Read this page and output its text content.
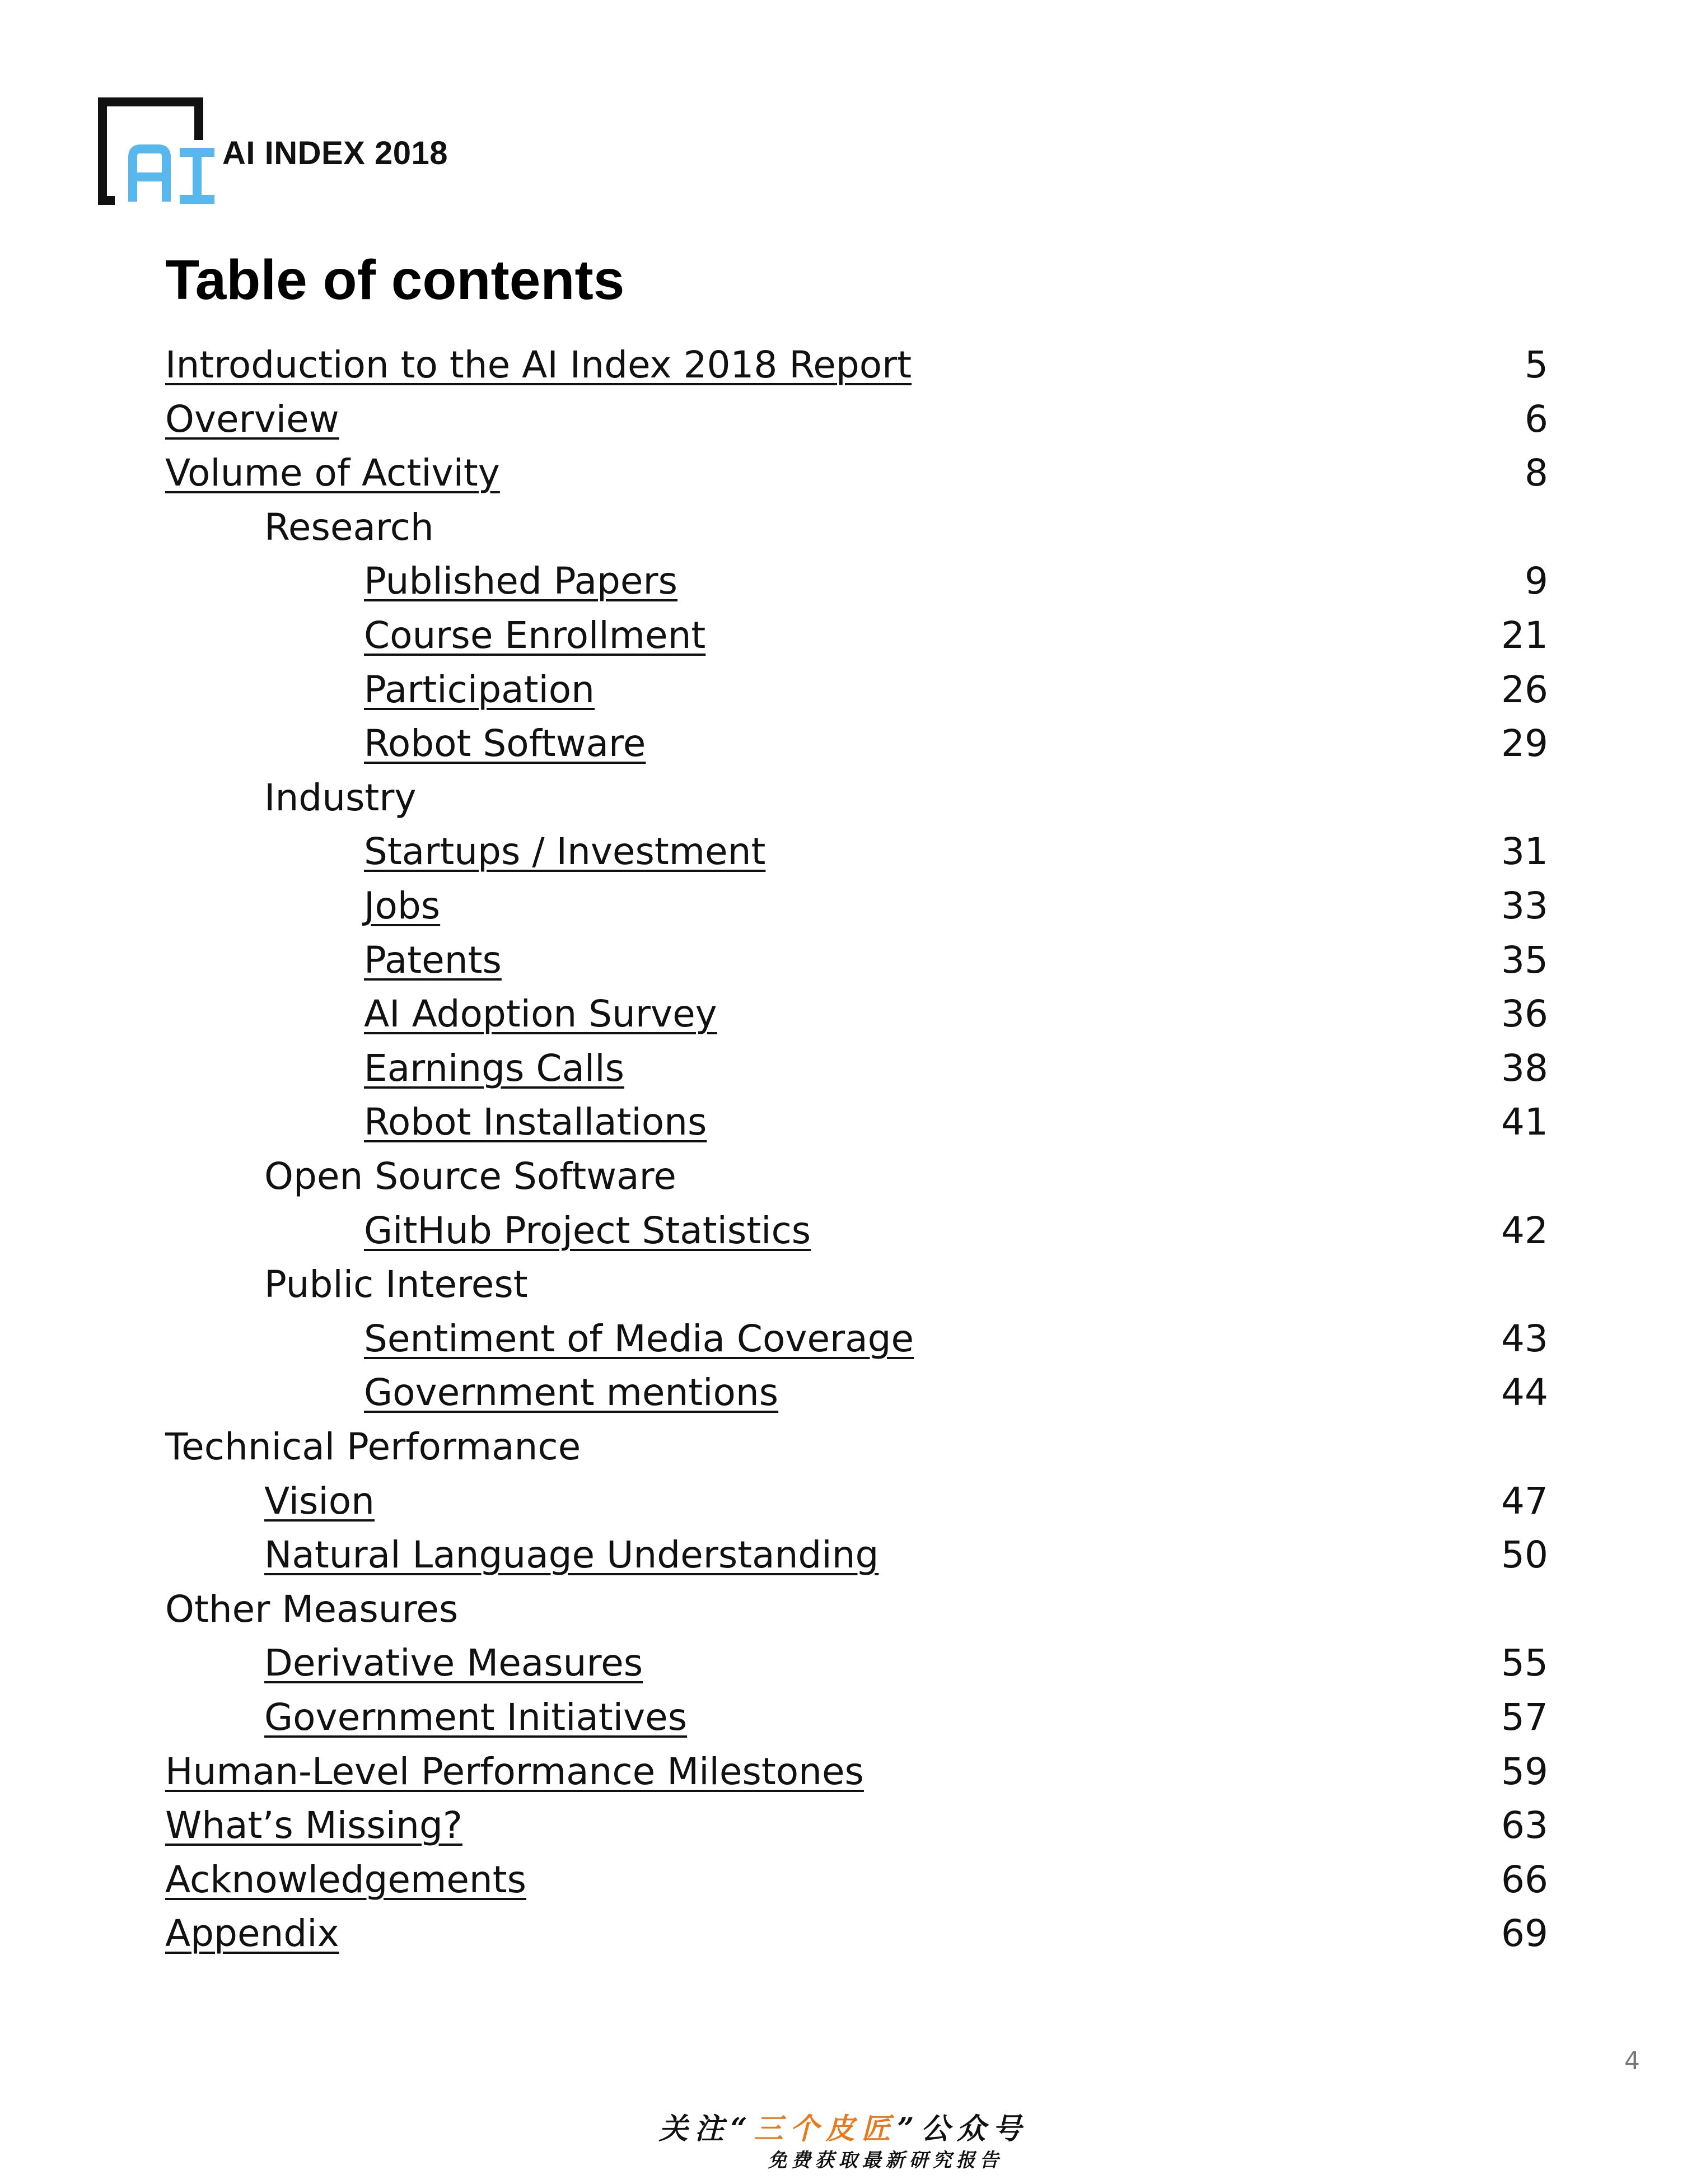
AI INDEX 2018
Table of contents
Introduction to the AI Index 2018 Report	5
Overview	6
Volume of Activity	8
Research
Published Papers	9
Course Enrollment	21
Participation	26
Robot Software	29
Industry
Startups / Investment	31
Jobs	33
Patents	35
AI Adoption Survey	36
Earnings Calls	38
Robot Installations	41
Open Source Software
GitHub Project Statistics	42
Public Interest
Sentiment of Media Coverage	43
Government mentions	44
Technical Performance
Vision	47
Natural Language Understanding	50
Other Measures
Derivative Measures	55
Government Initiatives	57
Human-Level Performance Milestones	59
What’s Missing?	63
Acknowledgements	66
Appendix	69
4
关注“三个皮匠”公众号
免费获取最新研究报告
